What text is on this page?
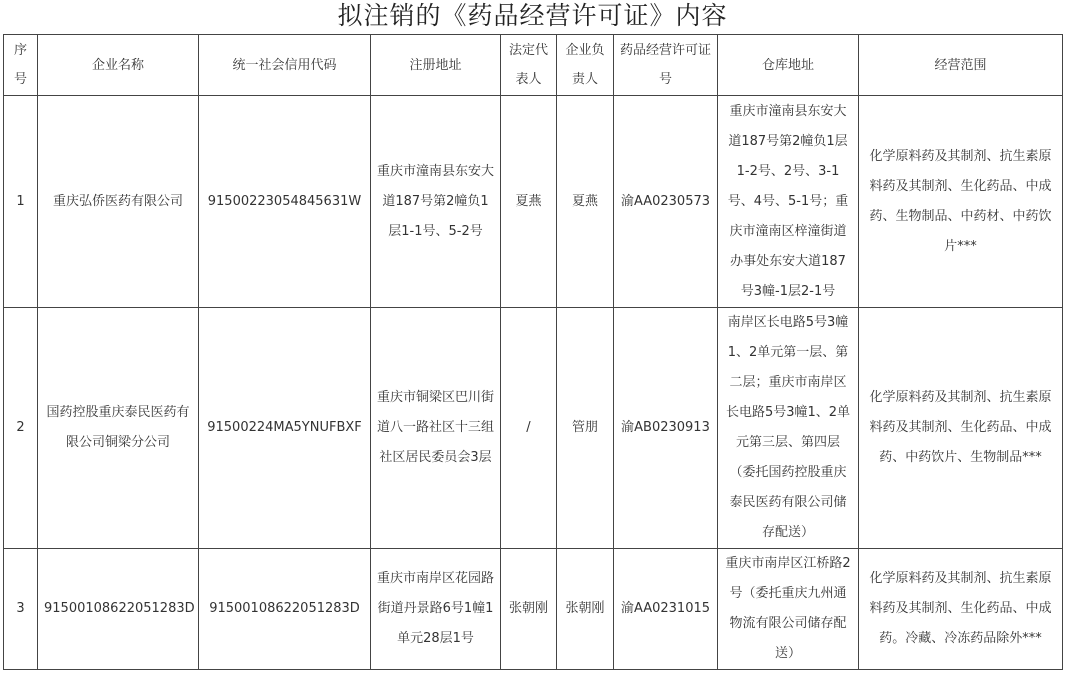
拟注销的《药品经营许可证》内容
序号	企业名称	统一社会信用代码	注册地址	法定代表人	企业负责人	药品经营许可证号	仓库地址	经营范围
1	重庆弘侨医药有限公司	91500223054845631W	重庆市潼南县东安大道187号第2幢负1层1-1号、5-2号	夏燕	夏燕	渝AA0230573	重庆市潼南县东安大道187号第2幢负1层1-2号、2号、3-1号、4号、5-1号；重庆市潼南区梓潼街道办事处东安大道187号3幢-1层2-1号	化学原料药及其制剂、抗生素原料药及其制剂、生化药品、中成药、生物制品、中药材、中药饮片***
2	国药控股重庆泰民医药有限公司铜梁分公司	91500224MA5YNUFBXF	重庆市铜梁区巴川街道八一路社区十三组社区居民委员会3层	/	管朋	渝AB0230913	南岸区长电路5号3幢1、2单元第一层、第二层；重庆市南岸区长电路5号3幢1、2单元第三层、第四层（委托国药控股重庆泰民医药有限公司储存配送）	化学原料药及其制剂、抗生素原料药及其制剂、生化药品、中成药、中药饮片、生物制品***
3	91500108622051283D	91500108622051283D	重庆市南岸区花园路街道丹景路6号1幢1单元28层1号	张朝刚	张朝刚	渝AA0231015	重庆市南岸区江桥路2号（委托重庆九州通物流有限公司储存配送）	化学原料药及其制剂、抗生素原料药及其制剂、生化药品、中成药。冷藏、冷冻药品除外***
